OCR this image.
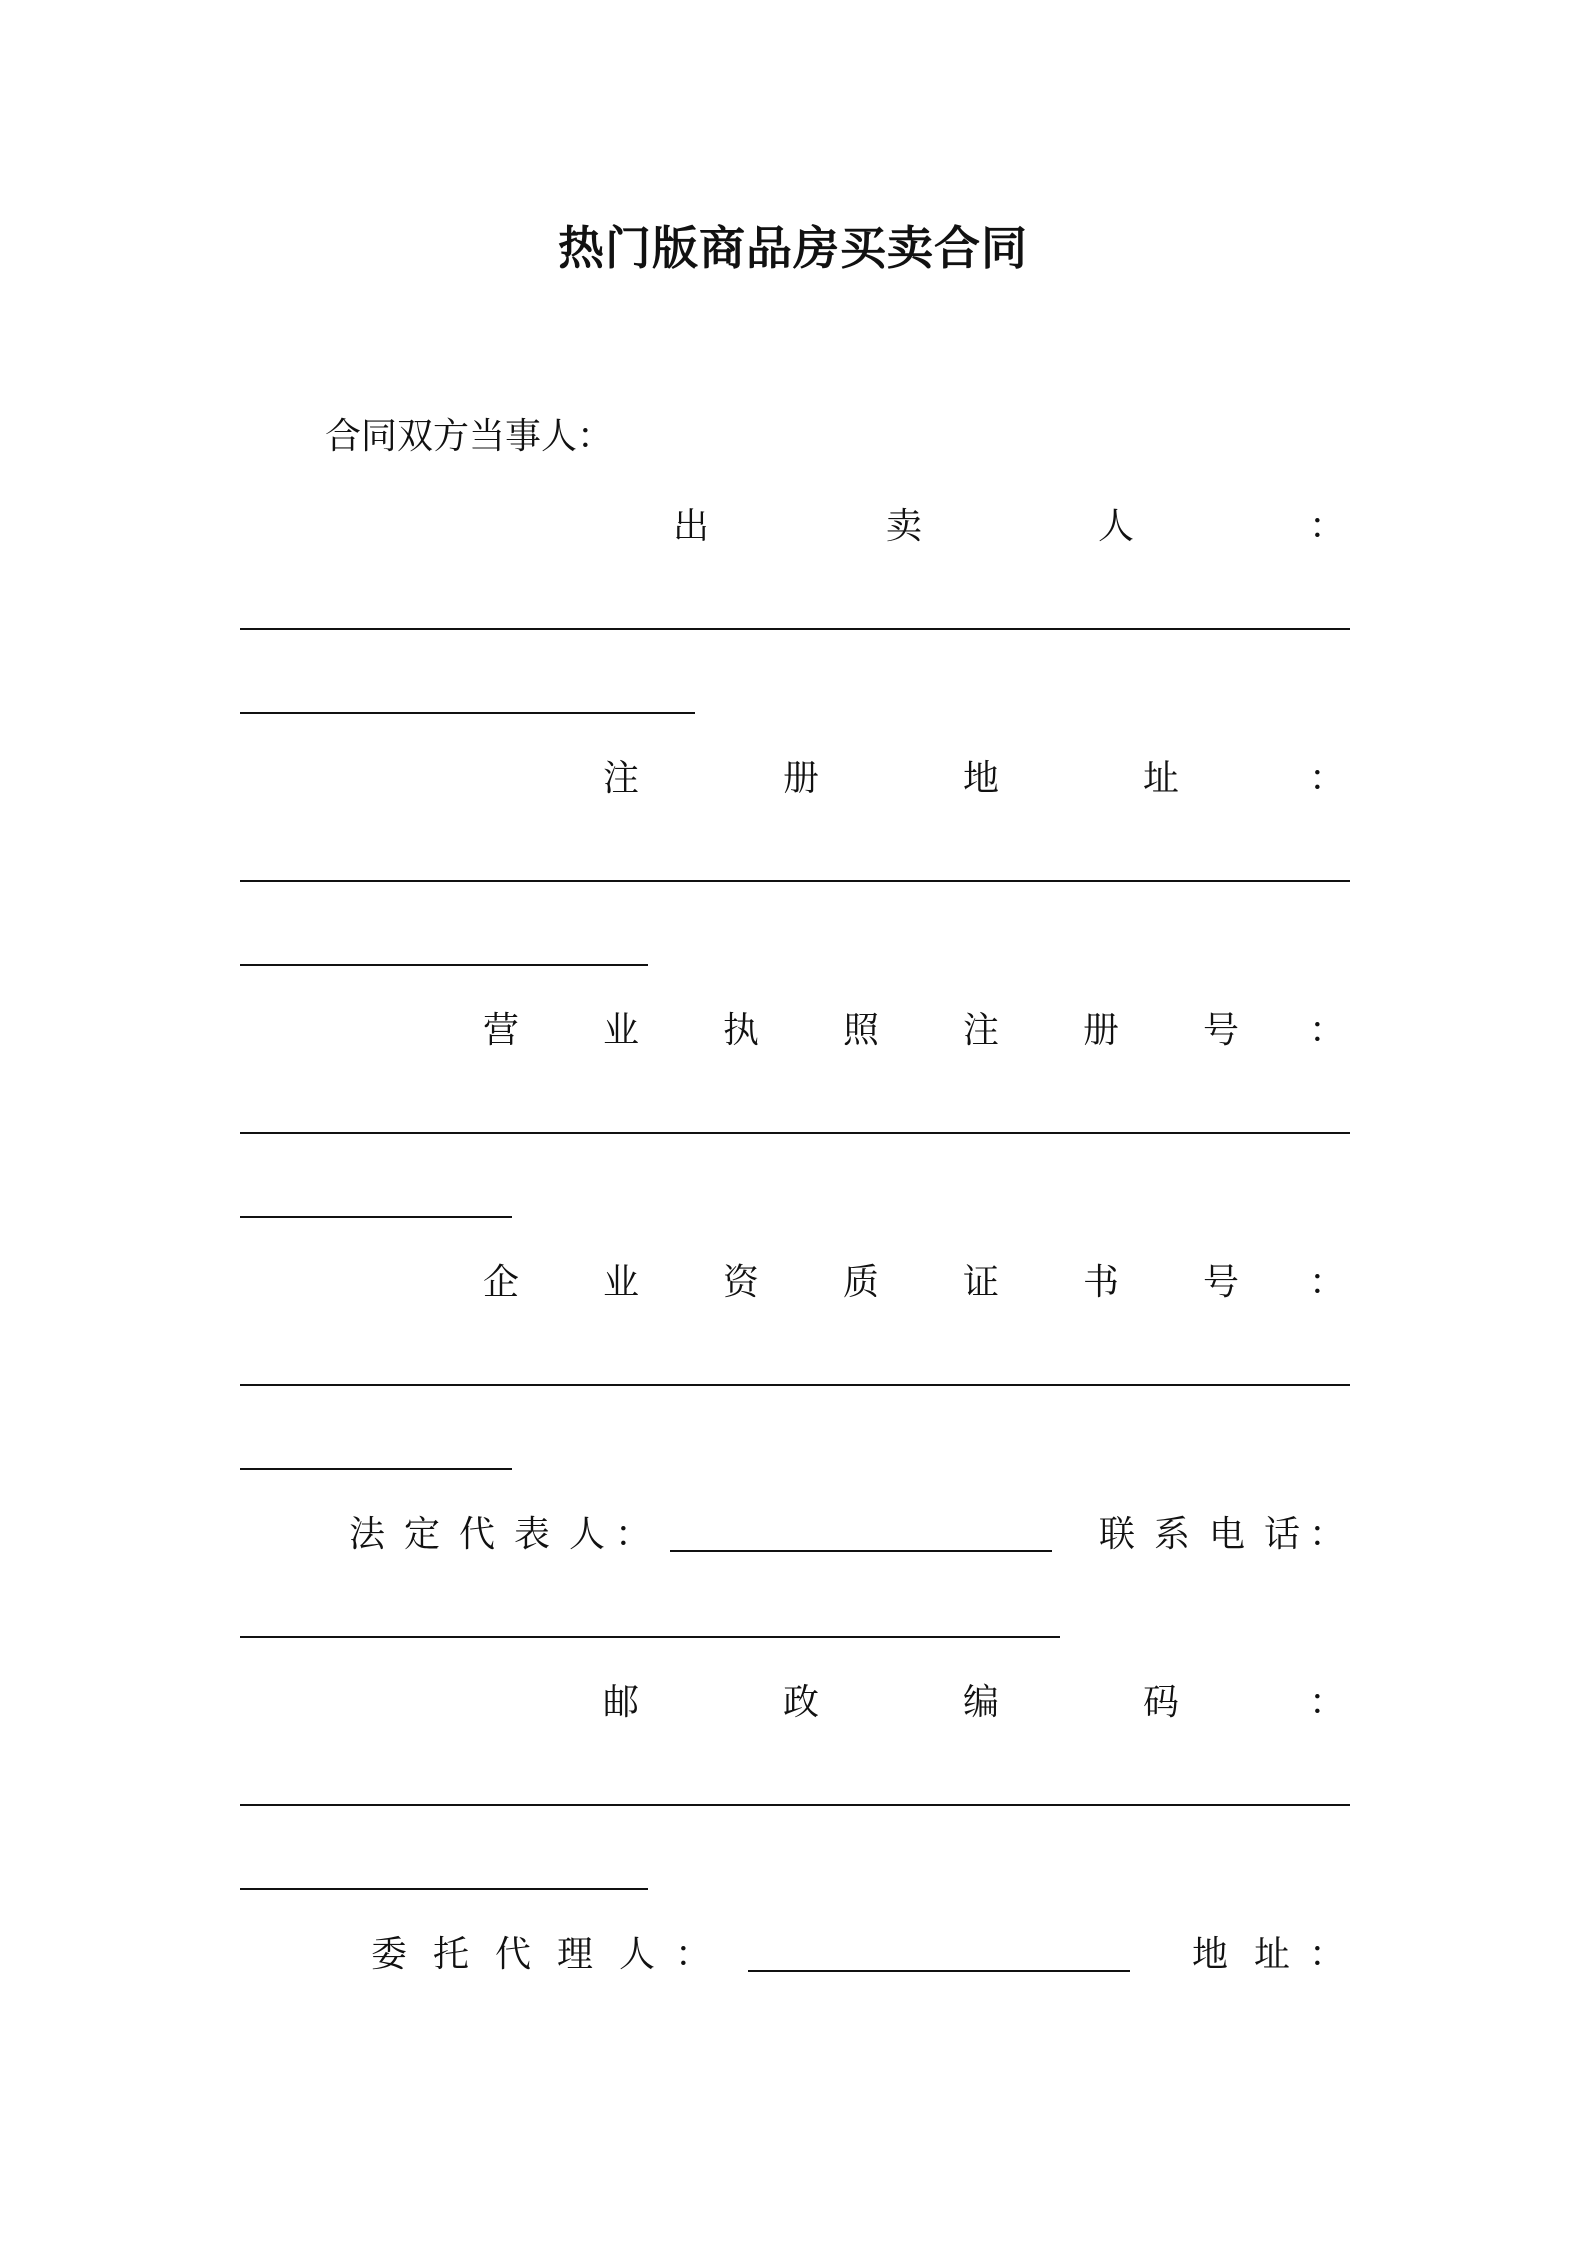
热门版商品房买卖合同
合同双方当事人：
出	卖	人	：
注	册	地	址	：
营 业 执 照 注 册 号 ：
企 业 资 质 证 书 号 ：
法 定 代 表 人 ：	联 系 电 话 ：
邮	政	编	码	：
委 托 代 理 人 ：	地 址 ：
